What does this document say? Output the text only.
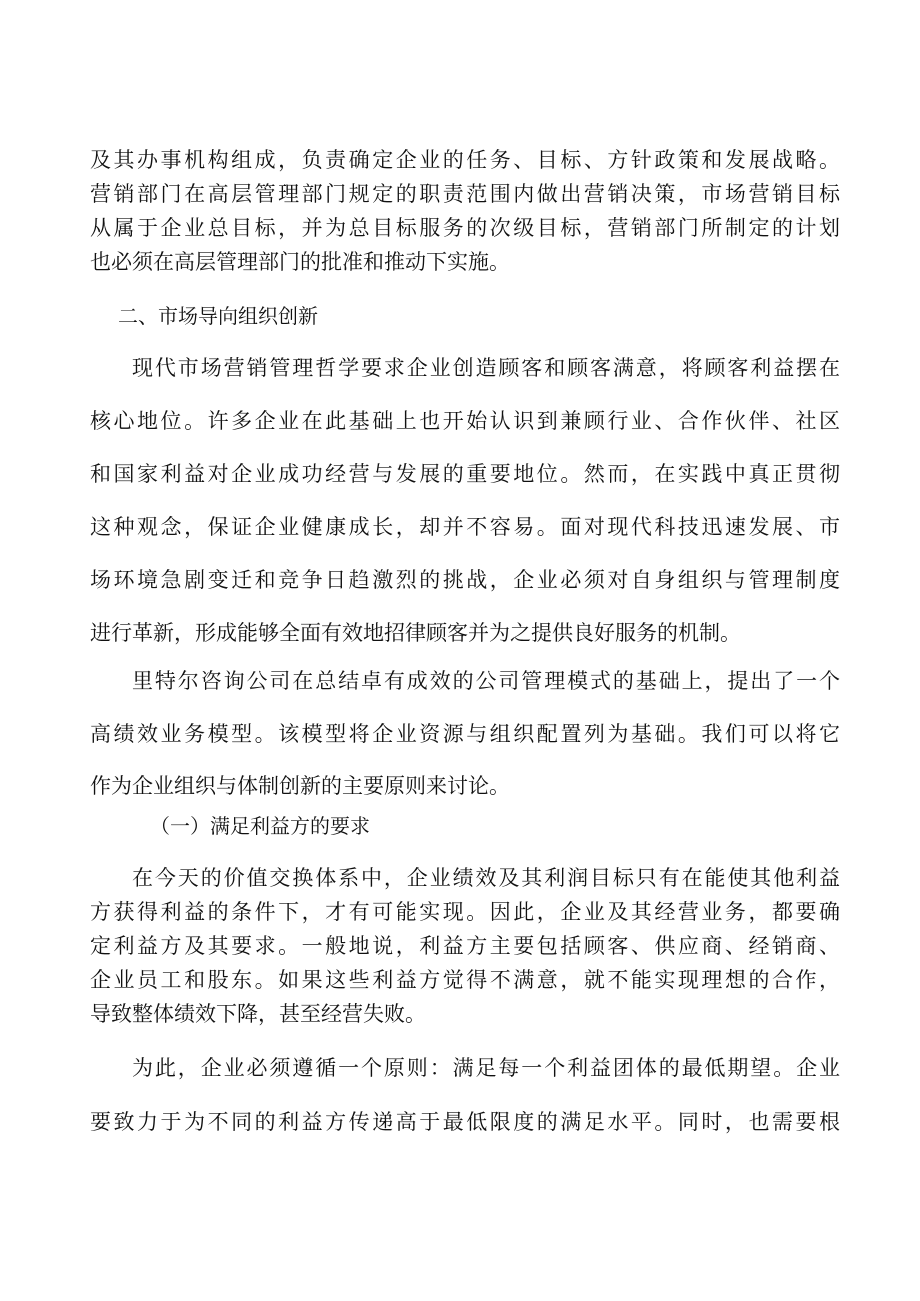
及其办事机构组成，负责确定企业的任务、目标、方针政策和发展战略。
营销部门在高层管理部门规定的职责范围内做出营销决策，市场营销目标
从属于企业总目标，并为总目标服务的次级目标，营销部门所制定的计划
也必须在高层管理部门的批准和推动下实施。
二、市场导向组织创新
现代市场营销管理哲学要求企业创造顾客和顾客满意，将顾客利益摆在
核心地位。许多企业在此基础上也开始认识到兼顾行业、合作伙伴、社区
和国家利益对企业成功经营与发展的重要地位。然而，在实践中真正贯彻
这种观念，保证企业健康成长，却并不容易。面对现代科技迅速发展、市
场环境急剧变迁和竞争日趋激烈的挑战，企业必须对自身组织与管理制度
进行革新，形成能够全面有效地招律顾客并为之提供良好服务的机制。
里特尔咨询公司在总结卓有成效的公司管理模式的基础上，提出了一个
高绩效业务模型。该模型将企业资源与组织配置列为基础。我们可以将它
作为企业组织与体制创新的主要原则来讨论。
（一）满足利益方的要求
在今天的价值交换体系中，企业绩效及其利润目标只有在能使其他利益
方获得利益的条件下，才有可能实现。因此，企业及其经营业务，都要确
定利益方及其要求。一般地说，利益方主要包括顾客、供应商、经销商、
企业员工和股东。如果这些利益方觉得不满意，就不能实现理想的合作，
导致整体绩效下降，甚至经营失败。
为此，企业必须遵循一个原则：满足每一个利益团体的最低期望。企业
要致力于为不同的利益方传递高于最低限度的满足水平。同时，也需要根
